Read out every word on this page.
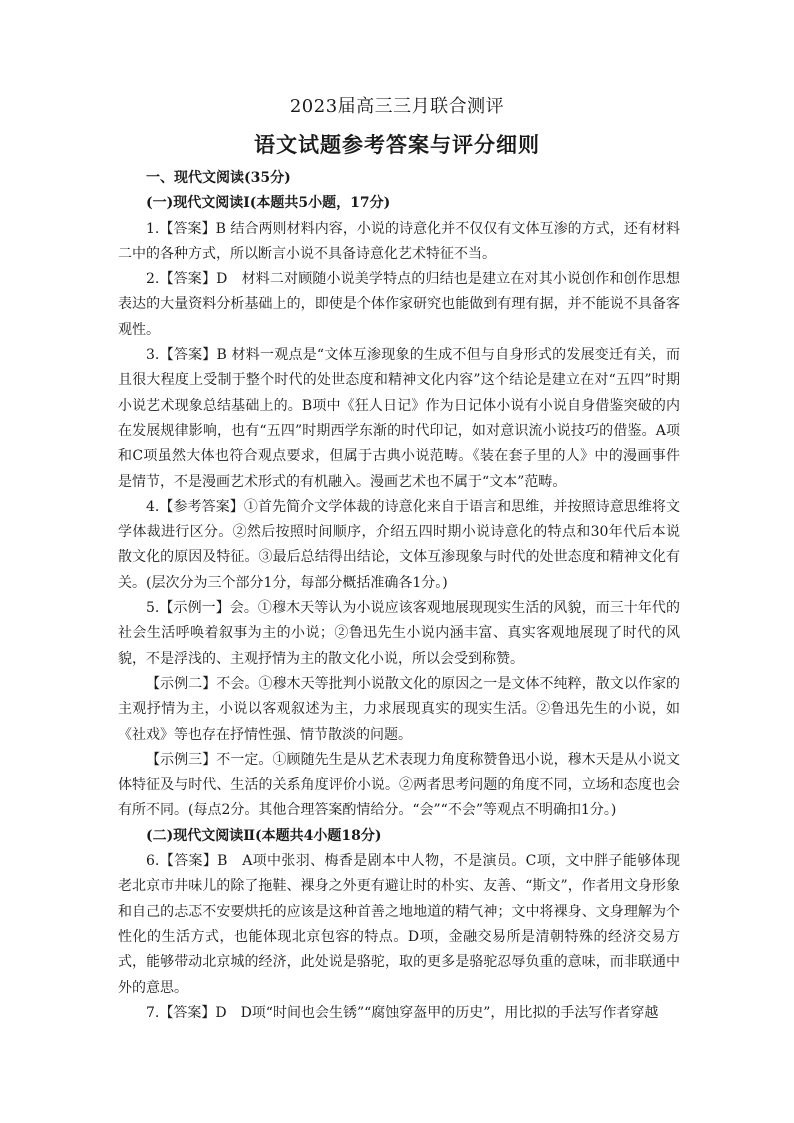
2023届高三三月联合测评
语文试题参考答案与评分细则

一、现代文阅读(35分)

(一)现代文阅读Ⅰ(本题共5小题，17分)

1.【答案】B 结合两则材料内容，小说的诗意化并不仅仅有文体互渗的方式，还有材料二中的各种方式，所以断言小说不具备诗意化艺术特征不当。

2.【答案】D　材料二对顾随小说美学特点的归结也是建立在对其小说创作和创作思想表达的大量资料分析基础上的，即使是个体作家研究也能做到有理有据，并不能说不具备客观性。

3.【答案】B 材料一观点是“文体互渗现象的生成不但与自身形式的发展变迁有关，而且很大程度上受制于整个时代的处世态度和精神文化内容”这个结论是建立在对“五四”时期小说艺术现象总结基础上的。B项中《狂人日记》作为日记体小说有小说自身借鉴突破的内在发展规律影响，也有“五四”时期西学东渐的时代印记，如对意识流小说技巧的借鉴。A项和C项虽然大体也符合观点要求，但属于古典小说范畴。《装在套子里的人》中的漫画事件是情节，不是漫画艺术形式的有机融入。漫画艺术也不属于“文本”范畴。

4.【参考答案】①首先简介文学体裁的诗意化来自于语言和思维，并按照诗意思维将文学体裁进行区分。②然后按照时间顺序，介绍五四时期小说诗意化的特点和30年代后本说散文化的原因及特征。③最后总结得出结论，文体互渗现象与时代的处世态度和精神文化有关。(层次分为三个部分1分，每部分概括准确各1分。)

5.【示例一】会。①穆木天等认为小说应该客观地展现现实生活的风貌，而三十年代的社会生活呼唤着叙事为主的小说；②鲁迅先生小说内涵丰富、真实客观地展现了时代的风貌，不是浮浅的、主观抒情为主的散文化小说，所以会受到称赞。

【示例二】不会。①穆木天等批判小说散文化的原因之一是文体不纯粹，散文以作家的主观抒情为主，小说以客观叙述为主，力求展现真实的现实生活。②鲁迅先生的小说，如《社戏》等也存在抒情性强、情节散淡的问题。

【示例三】不一定。①顾随先生是从艺术表现力角度称赞鲁迅小说，穆木天是从小说文体特征及与时代、生活的关系角度评价小说。②两者思考问题的角度不同，立场和态度也会有所不同。(每点2分。其他合理答案酌情给分。“会”“不会”等观点不明确扣1分。)

(二)现代文阅读Ⅱ(本题共4小题18分)

6.【答案】B　A项中张羽、梅香是剧本中人物，不是演员。C项，文中胖子能够体现老北京市井味儿的除了拖鞋、裸身之外更有避让时的朴实、友善、“斯文”，作者用文身形象和自己的忐忑不安要烘托的应该是这种首善之地地道的精气神；文中将裸身、文身理解为个性化的生活方式，也能体现北京包容的特点。D项，金融交易所是清朝特殊的经济交易方式，能够带动北京城的经济，此处说是骆驼，取的更多是骆驼忍辱负重的意味，而非联通中外的意思。

7.【答案】D　D项“时间也会生锈”“腐蚀穿盔甲的历史”，用比拟的手法写作者穿越
